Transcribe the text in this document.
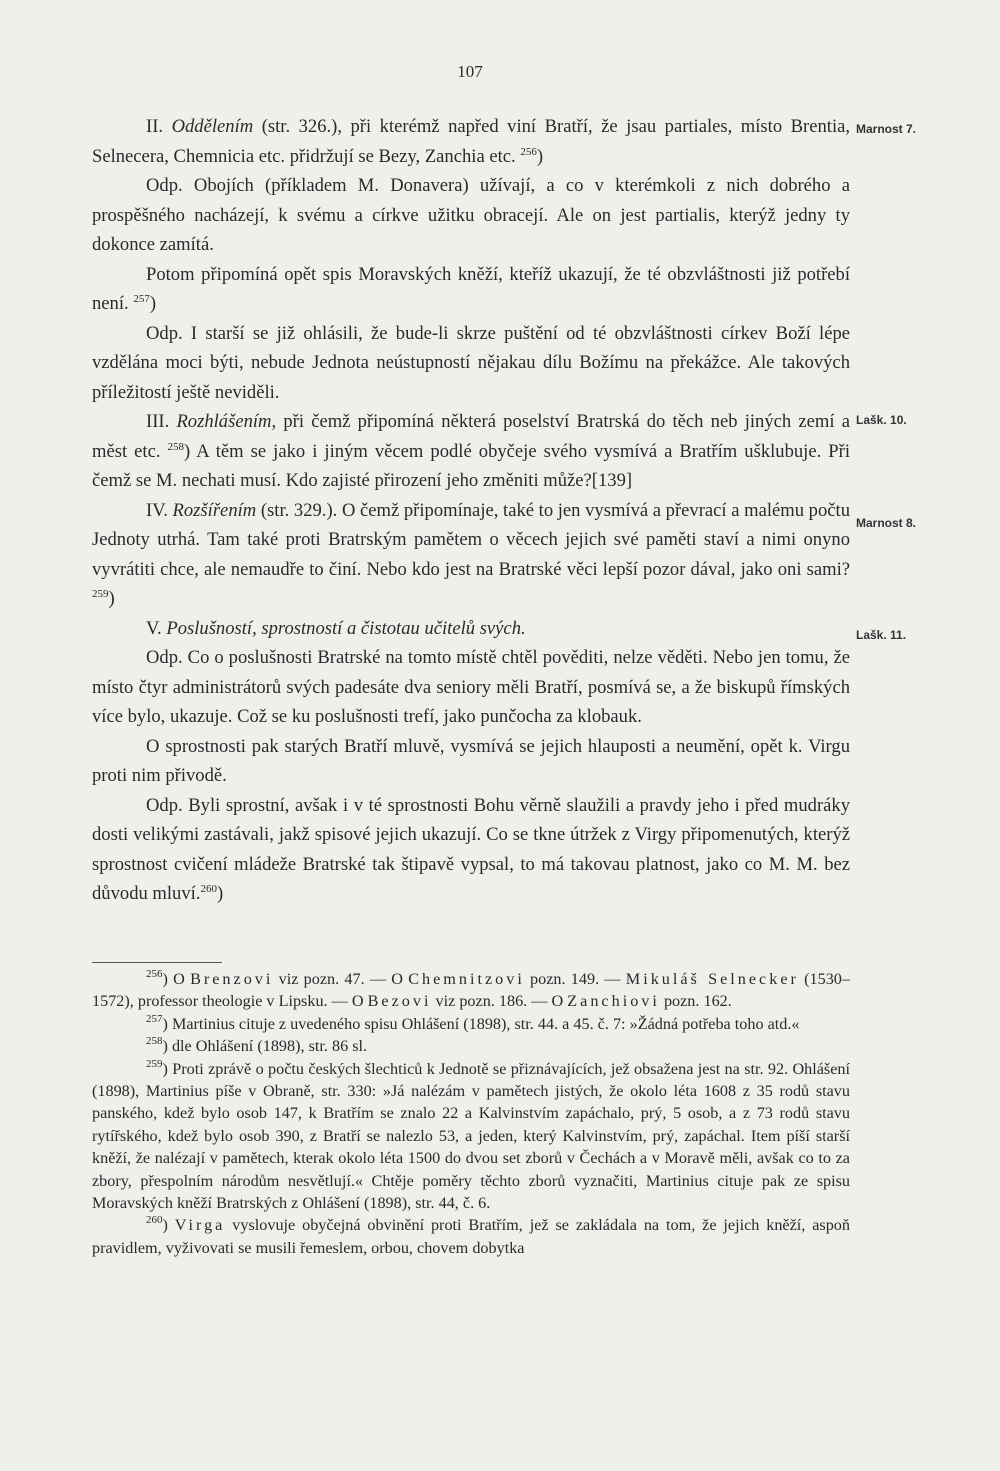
107
Marnost 7.
Lašk. 10.
Marnost 8.
Lašk. 11.

II. Oddělením (str. 326.), při kterémž napřed viní Bratří, že jsau partiales, místo Brentia, Selnecera, Chemnicia etc. přidržují se Bezy, Zanchia etc. $^{256}$)

Odp. Obojích (příkladem M. Donavera) užívají, a co v kterémkoli z nich dobrého a prospěšného nacházejí, k svému a církve užitku obracejí. Ale on jest partialis, kterýž jedny ty dokonce zamítá.

Potom připomíná opět spis Moravských kněží, kteříž ukazují, že té obzvláštnosti již potřebí není. $^{257}$)

Odp. I starší se již ohlásili, že bude-li skrze puštění od té obzvláštnosti církev Boží lépe vzdělána moci býti, nebude Jednota neústupností nějakau dílu Božímu na překážce. Ale takových příležitostí ještě neviděli.

III. Rozhlášením, při čemž připomíná některá poselství Bratrská do těch neb jiných zemí a měst etc. $^{258}$) A těm se jako i jiným věcem podlé obyčeje svého vysmívá a Bratřím ušklubuje. Při čemž se M. nechati musí. Kdo zajisté přirození jeho změniti může?[139]

IV. Rozšířením (str. 329.). O čemž připomínaje, také to jen vysmívá a převrací a malému počtu Jednoty utrhá. Tam také proti Bratrským pamětem o věcech jejich své paměti staví a nimi onyno vyvrátiti chce, ale nemaudře to činí. Nebo kdo jest na Bratrské věci lepší pozor dával, jako oni sami? $^{259}$)

V. Poslušností, sprostností a čistotau učitelů svých.

Odp. Co o poslušnosti Bratrské na tomto místě chtěl pověditi, nelze věděti. Nebo jen tomu, že místo čtyr administrátorů svých padesáte dva seniory měli Bratří, posmívá se, a že biskupů římských více bylo, ukazuje. Což se ku poslušnosti trefí, jako punčocha za klobauk.

O sprostnosti pak starých Bratří mluvě, vysmívá se jejich hlauposti a neumění, opět k. Virgu proti nim přivodě.

Odp. Byli sprostní, avšak i v té sprostnosti Bohu věrně slaužili a pravdy jeho i před mudráky dosti velikými zastávali, jakž spisové jejich ukazují. Co se tkne útržek z Virgy připomenutých, kterýž sprostnost cvičení mládeže Bratrské tak štipavě vypsal, to má takovau platnost, jako co M. M. bez důvodu mluví.$^{260}$)

$^{256}$) O Brenzovi viz pozn. 47. — O Chemnitzovi pozn. 149. — Mikuláš Selnecker (1530–1572), professor theologie v Lipsku. — O Bezovi viz pozn. 186. — O Zanchiovi pozn. 162.

$^{257}$) Martinius cituje z uvedeného spisu Ohlášení (1898), str. 44. a 45. č. 7: »Žádná potřeba toho atd.«

$^{258}$) dle Ohlášení (1898), str. 86 sl.

$^{259}$) Proti zprávě o počtu českých šlechticů k Jednotě se přiznávajících, jež obsažena jest na str. 92. Ohlášení (1898), Martinius píše v Obraně, str. 330: »Já nalézám v pamětech jistých, že okolo léta 1608 z 35 rodů stavu panského, kdež bylo osob 147, k Bratřím se znalo 22 a Kalvinstvím zapáchalo, prý, 5 osob, a z 73 rodů stavu rytířského, kdež bylo osob 390, z Bratří se nalezlo 53, a jeden, který Kalvinstvím, prý, zapáchal. Item píší starší kněží, že nalézají v pamětech, kterak okolo léta 1500 do dvou set zborů v Čechách a v Moravě měli, avšak co to za zbory, přespolním národům nesvětlují.« Chtěje poměry těchto zborů vyznačiti, Martinius cituje pak ze spisu Moravských kněží Bratrských z Ohlášení (1898), str. 44, č. 6.

$^{260}$) Virga vyslovuje obyčejná obvinění proti Bratřím, jež se zakládala na tom, že jejich kněží, aspoň pravidlem, vyživovati se musili řemeslem, orbou, chovem dobytka
